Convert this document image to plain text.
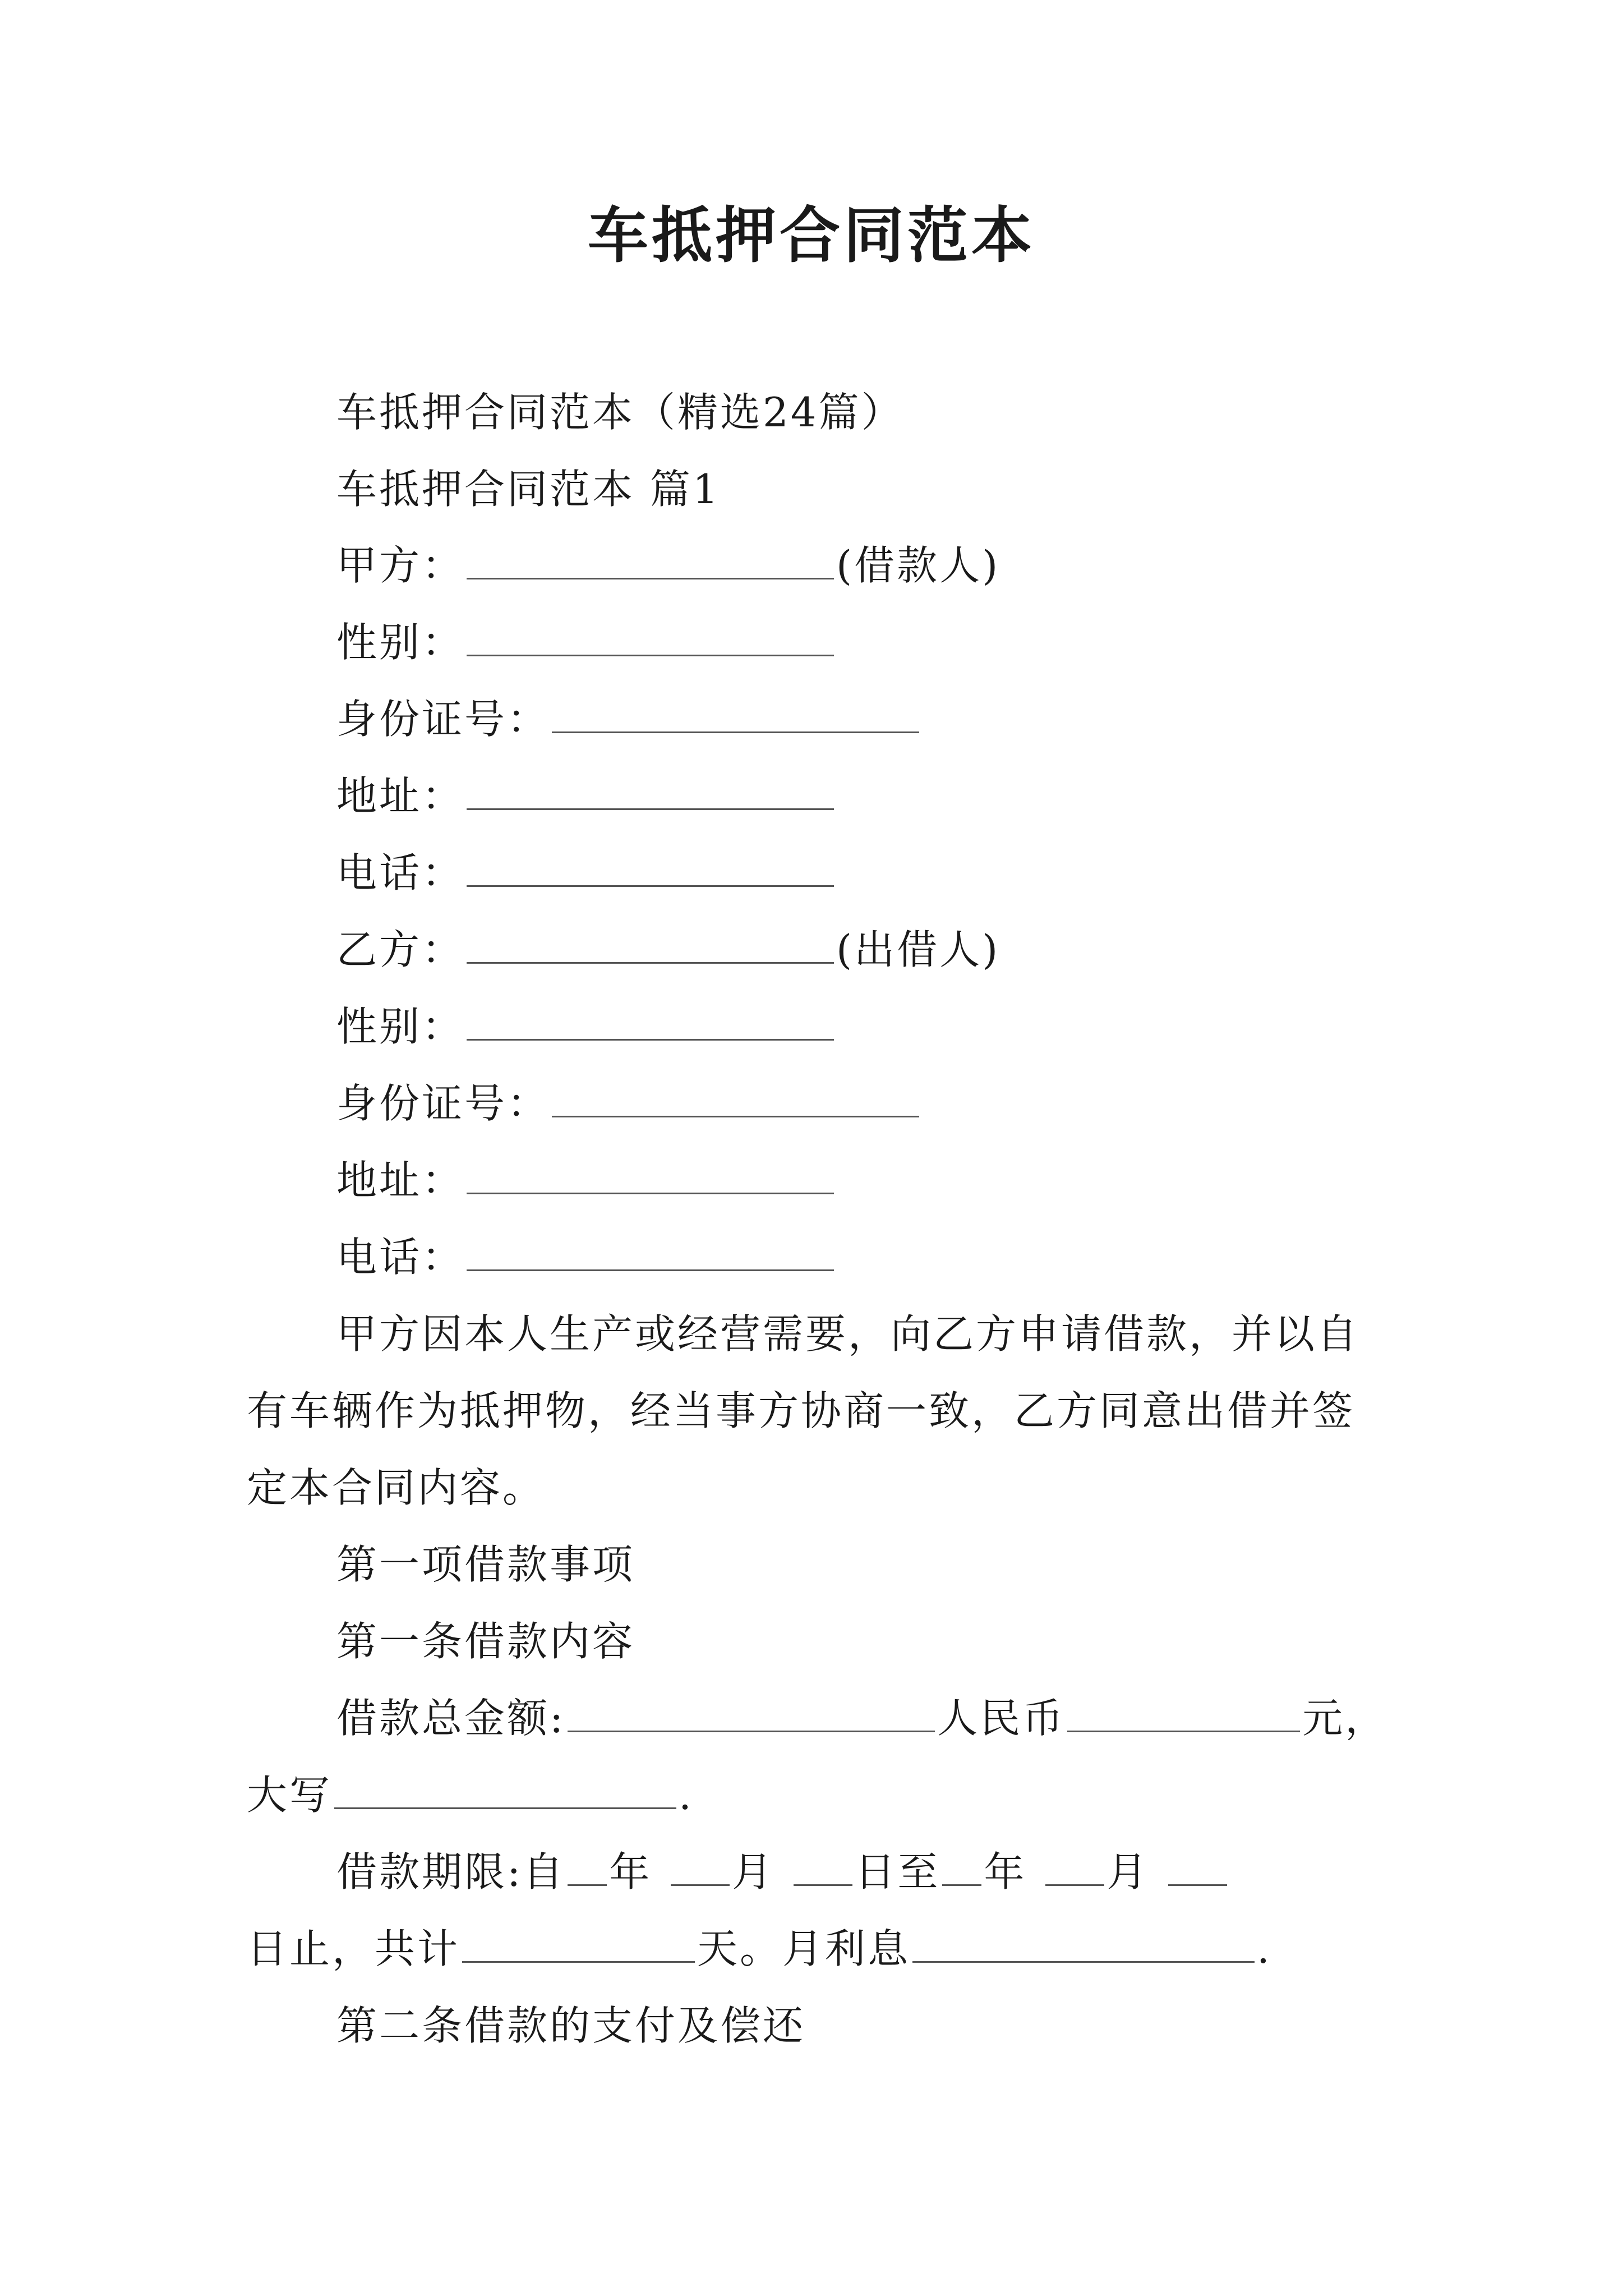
车抵押合同范本
车抵押合同范本（精选24篇）
车抵押合同范本 篇1
甲方：	(借款人)
性别：
身份证号：
地址：
电话：
乙方：	(出借人)
性别：
身份证号：
地址：
电话：
甲方因本人生产或经营需要，向乙方申请借款，并以自
有车辆作为抵押物，经当事方协商一致，乙方同意出借并签
定本合同内容。
第一项借款事项
第一条借款内容
借款总金额:	人民币	元，
大写	.
借款期限:自 年 月 日至 年 月
日止，共计	天。月利息	.
第二条借款的支付及偿还
